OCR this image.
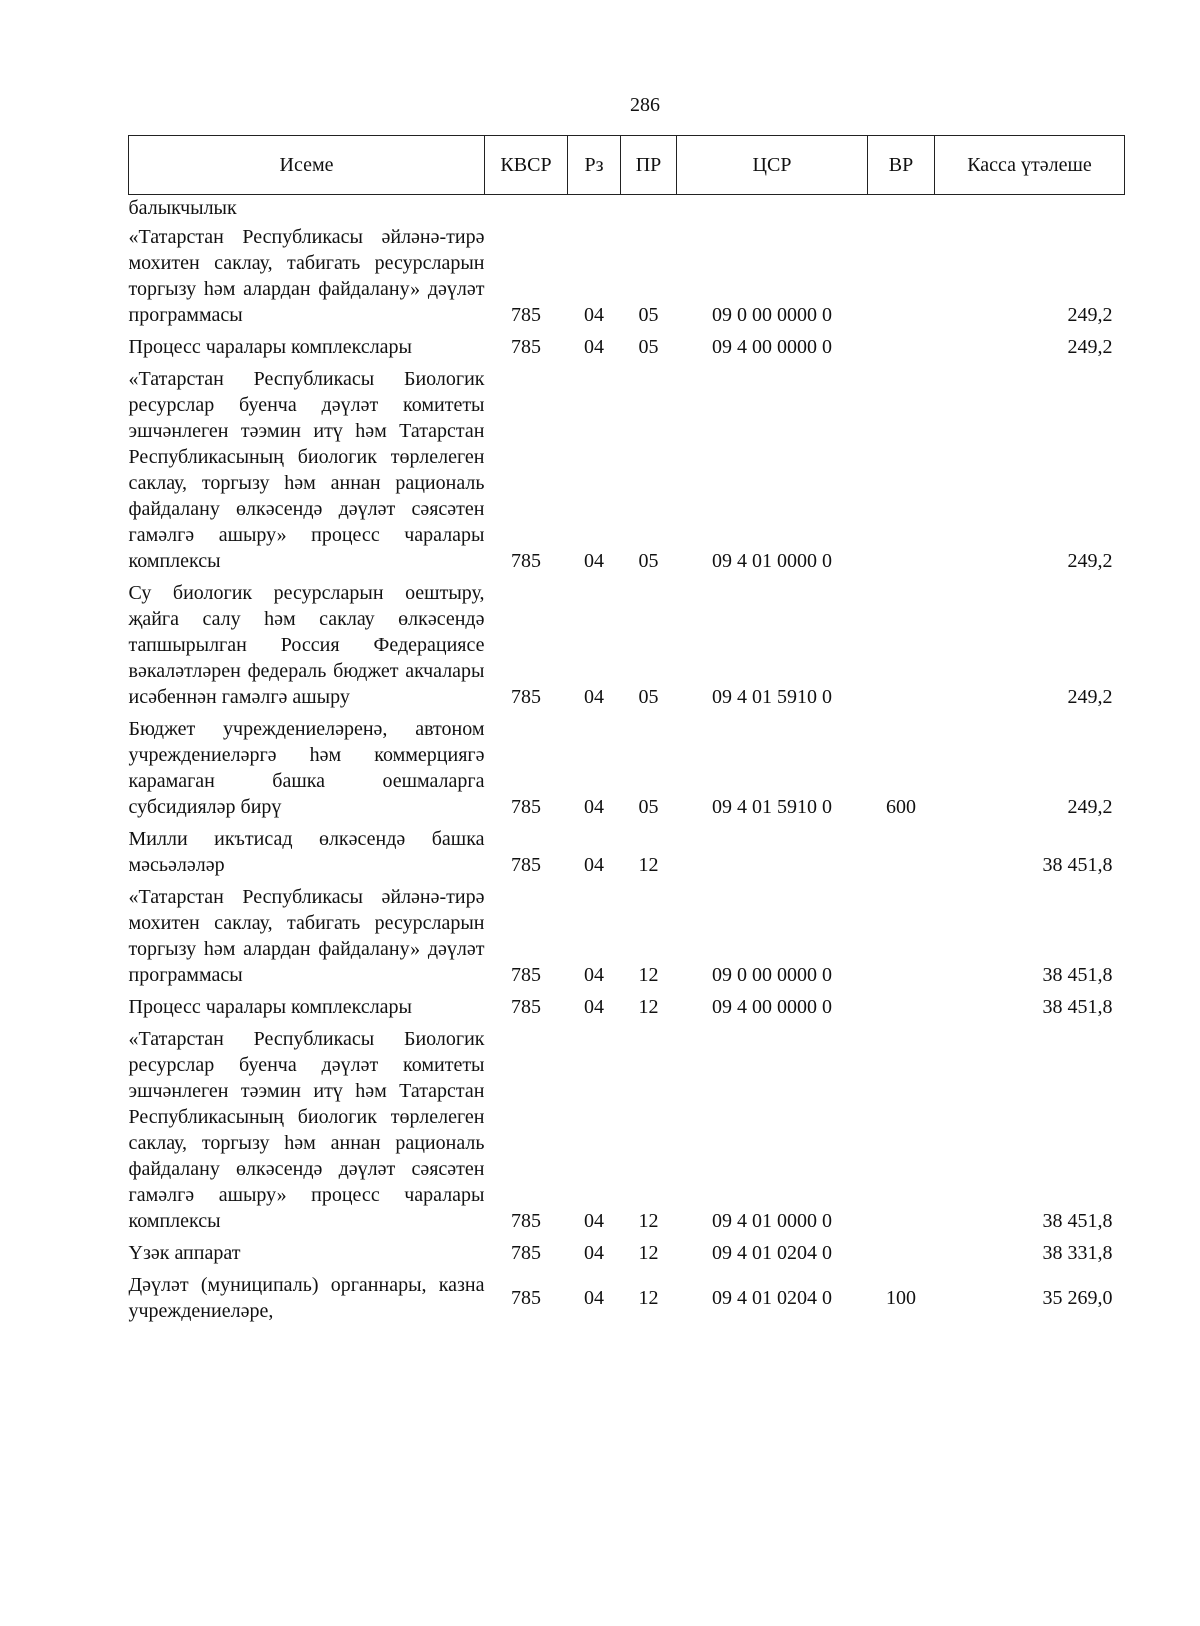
286
Исеме	КВСР	Рз	ПР	ЦСР	ВР	Касса үтәлеше
балыкчылык						
«Татарстан Республикасы әйләнә-тирә мохитен саклау, табигать ресурсларын торгызу һәм алардан файдалану» дәүләт программасы	785	04	05	09 0 00 0000 0		249,2
Процесс чаралары комплекслары	785	04	05	09 4 00 0000 0		249,2
«Татарстан Республикасы Биологик ресурслар буенча дәүләт комитеты эшчәнлеген тәэмин итү һәм Татарстан Республикасының биологик төрлелеген саклау, торгызу һәм аннан рациональ файдалану өлкәсендә дәүләт сәясәтен гамәлгә ашыру» процесс чаралары комплексы	785	04	05	09 4 01 0000 0		249,2
Су биологик ресурсларын оештыру, җайга салу һәм саклау өлкәсендә тапшырылган Россия Федерациясе вәкаләтләрен федераль бюджет акчалары исәбеннән гамәлгә ашыру	785	04	05	09 4 01 5910 0		249,2
Бюджет учреждениеләренә, автоном учреждениеләргә һәм коммерциягә карамаган башка оешмаларга субсидияләр бирү	785	04	05	09 4 01 5910 0	600	249,2
Милли икътисад өлкәсендә башка мәсьәләләр	785	04	12			38 451,8
«Татарстан Республикасы әйләнә-тирә мохитен саклау, табигать ресурсларын торгызу һәм алардан файдалану» дәүләт программасы	785	04	12	09 0 00 0000 0		38 451,8
Процесс чаралары комплекслары	785	04	12	09 4 00 0000 0		38 451,8
«Татарстан Республикасы Биологик ресурслар буенча дәүләт комитеты эшчәнлеген тәэмин итү һәм Татарстан Республикасының биологик төрлелеген саклау, торгызу һәм аннан рациональ файдалану өлкәсендә дәүләт сәясәтен гамәлгә ашыру» процесс чаралары комплексы	785	04	12	09 4 01 0000 0		38 451,8
Үзәк аппарат	785	04	12	09 4 01 0204 0		38 331,8
Дәүләт (муниципаль) органнары, казна учреждениеләре,	785	04	12	09 4 01 0204 0	100	35 269,0
